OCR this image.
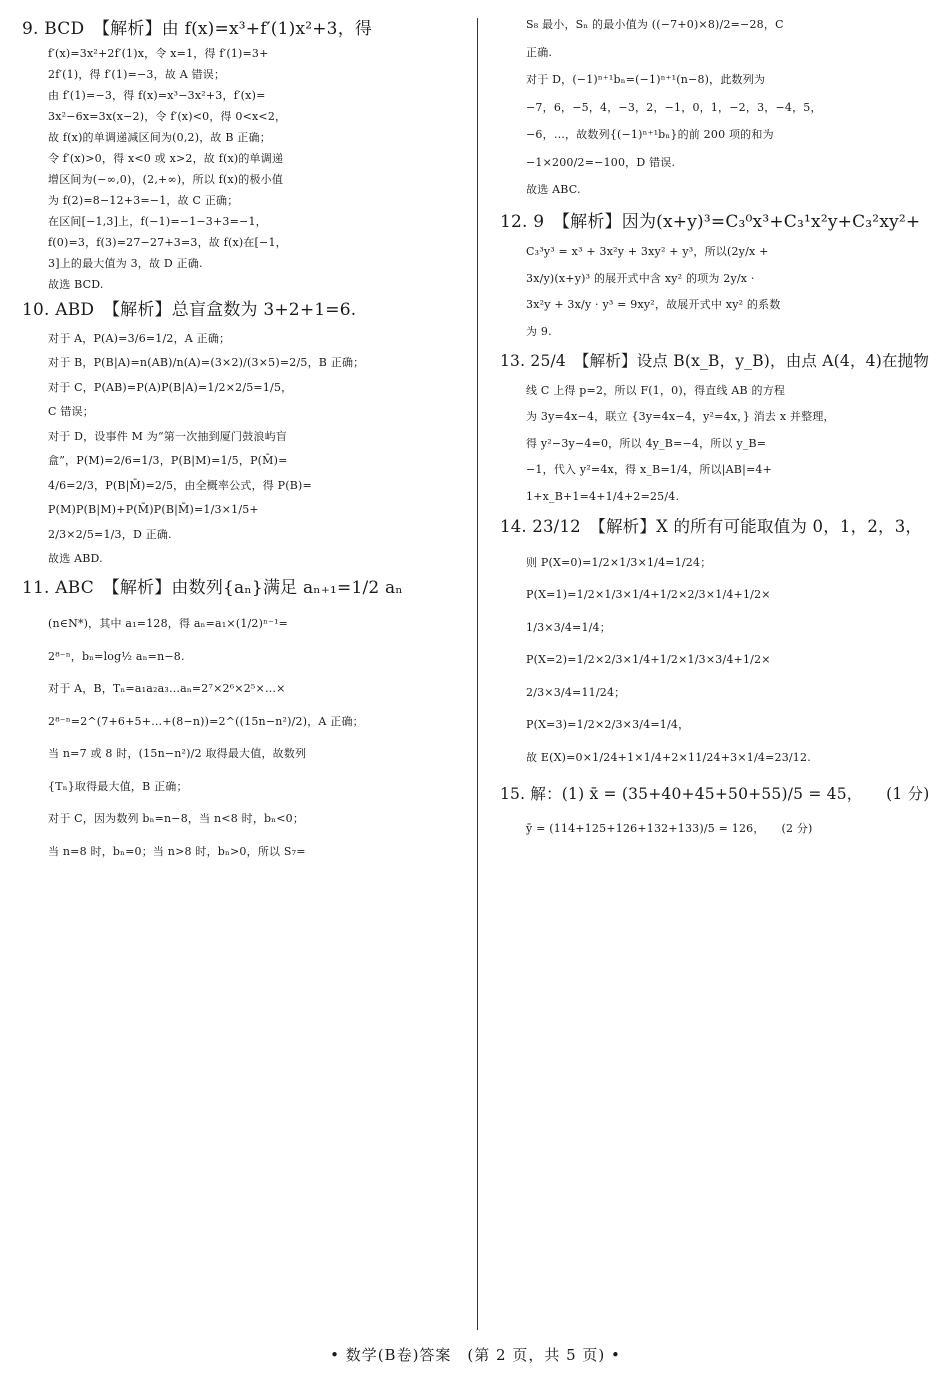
9. BCD　【解析】由 f(x)=x³+f′(1)x²+3，得

f′(x)=3x²+2f′(1)x，令 x=1，得 f′(1)=3+

2f′(1)，得 f′(1)=−3，故 A 错误；

由 f′(1)=−3，得 f(x)=x³−3x²+3，f′(x)=

3x²−6x=3x(x−2)，令 f′(x)<0，得 0<x<2，

故 f(x)的单调递减区间为(0,2)，故 B 正确；

令 f′(x)>0，得 x<0 或 x>2，故 f(x)的单调递

增区间为(−∞,0)，(2,+∞)，所以 f(x)的极小值

为 f(2)=8−12+3=−1，故 C 正确；

在区间[−1,3]上，f(−1)=−1−3+3=−1，

f(0)=3，f(3)=27−27+3=3，故 f(x)在[−1，

3]上的最大值为 3，故 D 正确.

故选 BCD.

10. ABD　【解析】总盲盒数为 3+2+1=6.

对于 A，P(A)=3/6=1/2，A 正确；

对于 B，P(B|A)=n(AB)/n(A)=(3×2)/(3×5)=2/5，B 正确；

对于 C，P(AB)=P(A)P(B|A)=1/2×2/5=1/5，

C 错误；

对于 D，设事件 M 为“第一次抽到厦门鼓浪屿盲

盒”，P(M)=2/6=1/3，P(B|M)=1/5，P(M̄)=

4/6=2/3，P(B|M̄)=2/5，由全概率公式，得 P(B)=

P(M)P(B|M)+P(M̄)P(B|M̄)=1/3×1/5+

2/3×2/5=1/3，D 正确.

故选 ABD.

11. ABC　【解析】由数列{aₙ}满足 aₙ₊₁=1/2 aₙ

(n∈N*)，其中 a₁=128，得 aₙ=a₁×(1/2)ⁿ⁻¹=

2⁸⁻ⁿ，bₙ=log½ aₙ=n−8.

对于 A，B，Tₙ=a₁a₂a₃…aₙ=2⁷×2⁶×2⁵×…×

2⁸⁻ⁿ=2^(7+6+5+…+(8−n))=2^((15n−n²)/2)，A 正确；

当 n=7 或 8 时，(15n−n²)/2 取得最大值，故数列

{Tₙ}取得最大值，B 正确；

对于 C，因为数列 bₙ=n−8，当 n<8 时，bₙ<0；

当 n=8 时，bₙ=0；当 n>8 时，bₙ>0，所以 S₇=

S₈ 最小，Sₙ 的最小值为 ((−7+0)×8)/2=−28，C

正确.

对于 D，(−1)ⁿ⁺¹bₙ=(−1)ⁿ⁺¹(n−8)，此数列为

−7，6，−5，4，−3，2，−1，0，1，−2，3，−4，5，

−6，…，故数列{(−1)ⁿ⁺¹bₙ}的前 200 项的和为

−1×200/2=−100，D 错误.

故选 ABC.

12. 9　【解析】因为(x+y)³=C₃⁰x³+C₃¹x²y+C₃²xy²+

C₃³y³ = x³ + 3x²y + 3xy² + y³，所以(2y/x +

3x/y)(x+y)³ 的展开式中含 xy² 的项为 2y/x ·

3x²y + 3x/y · y³ = 9xy²，故展开式中 xy² 的系数

为 9.

13. 25/4　【解析】设点 B(x_B，y_B)，由点 A(4，4)在抛物

线 C 上得 p=2，所以 F(1，0)，得直线 AB 的方程

为 3y=4x−4，联立 {3y=4x−4，y²=4x，} 消去 x 并整理，

得 y²−3y−4=0，所以 4y_B=−4，所以 y_B=

−1，代入 y²=4x，得 x_B=1/4，所以|AB|=4+

1+x_B+1=4+1/4+2=25/4.

14. 23/12　【解析】X 的所有可能取值为 0，1，2，3，

则 P(X=0)=1/2×1/3×1/4=1/24；

P(X=1)=1/2×1/3×1/4+1/2×2/3×1/4+1/2×

1/3×3/4=1/4；

P(X=2)=1/2×2/3×1/4+1/2×1/3×3/4+1/2×

2/3×3/4=11/24；

P(X=3)=1/2×2/3×3/4=1/4，

故 E(X)=0×1/24+1×1/4+2×11/24+3×1/4=23/12.

15. 解：(1) x̄ = (35+40+45+50+55)/5 = 45，　　(1 分)

ȳ = (114+125+126+132+133)/5 = 126，　　(2 分)

• 数学(B卷)答案　(第 2 页，共 5 页) •
